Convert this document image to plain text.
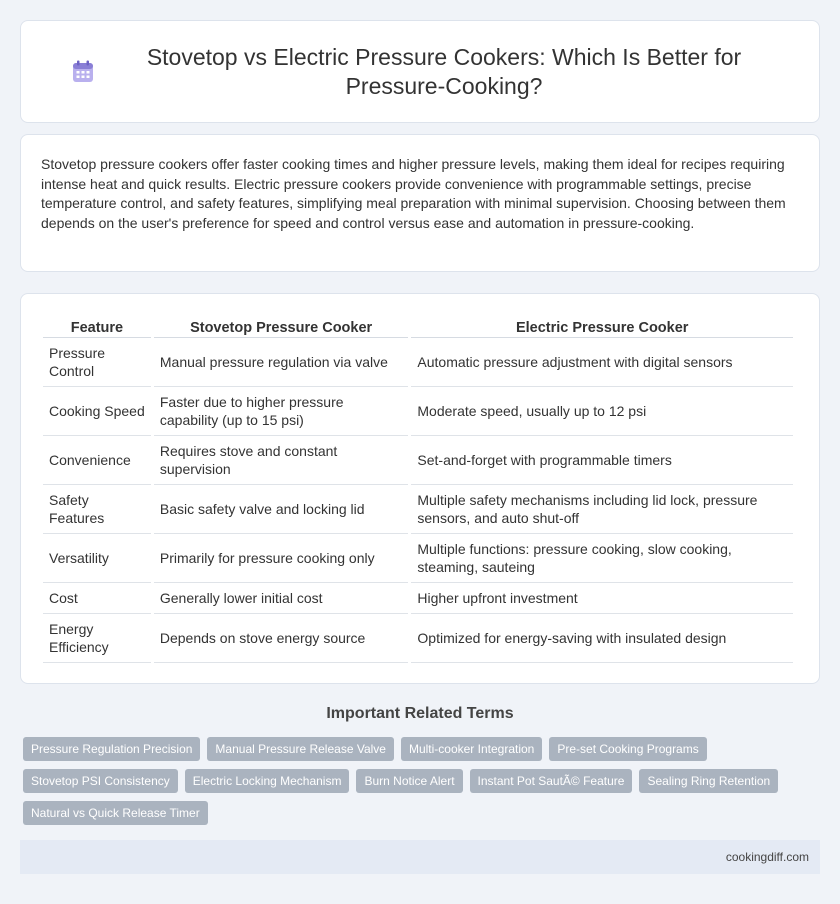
Stovetop vs Electric Pressure Cookers: Which Is Better for Pressure-Cooking?

Stovetop pressure cookers offer faster cooking times and higher pressure levels, making them ideal for recipes requiring intense heat and quick results. Electric pressure cookers provide convenience with programmable settings, precise temperature control, and safety features, simplifying meal preparation with minimal supervision. Choosing between them depends on the user's preference for speed and control versus ease and automation in pressure-cooking.

Feature	Stovetop Pressure Cooker	Electric Pressure Cooker
Pressure Control	Manual pressure regulation via valve	Automatic pressure adjustment with digital sensors
Cooking Speed	Faster due to higher pressure capability (up to 15 psi)	Moderate speed, usually up to 12 psi
Convenience	Requires stove and constant supervision	Set-and-forget with programmable timers
Safety Features	Basic safety valve and locking lid	Multiple safety mechanisms including lid lock, pressure sensors, and auto shut-off
Versatility	Primarily for pressure cooking only	Multiple functions: pressure cooking, slow cooking, steaming, sauteing
Cost	Generally lower initial cost	Higher upfront investment
Energy Efficiency	Depends on stove energy source	Optimized for energy-saving with insulated design
Important Related Terms
Pressure Regulation Precision	Manual Pressure Release Valve	Multi-cooker Integration	Pre-set Cooking Programs
Stovetop PSI Consistency	Electric Locking Mechanism	Burn Notice Alert	Instant Pot SautÃ© Feature	Sealing Ring Retention
Natural vs Quick Release Timer
cookingdiff.com
